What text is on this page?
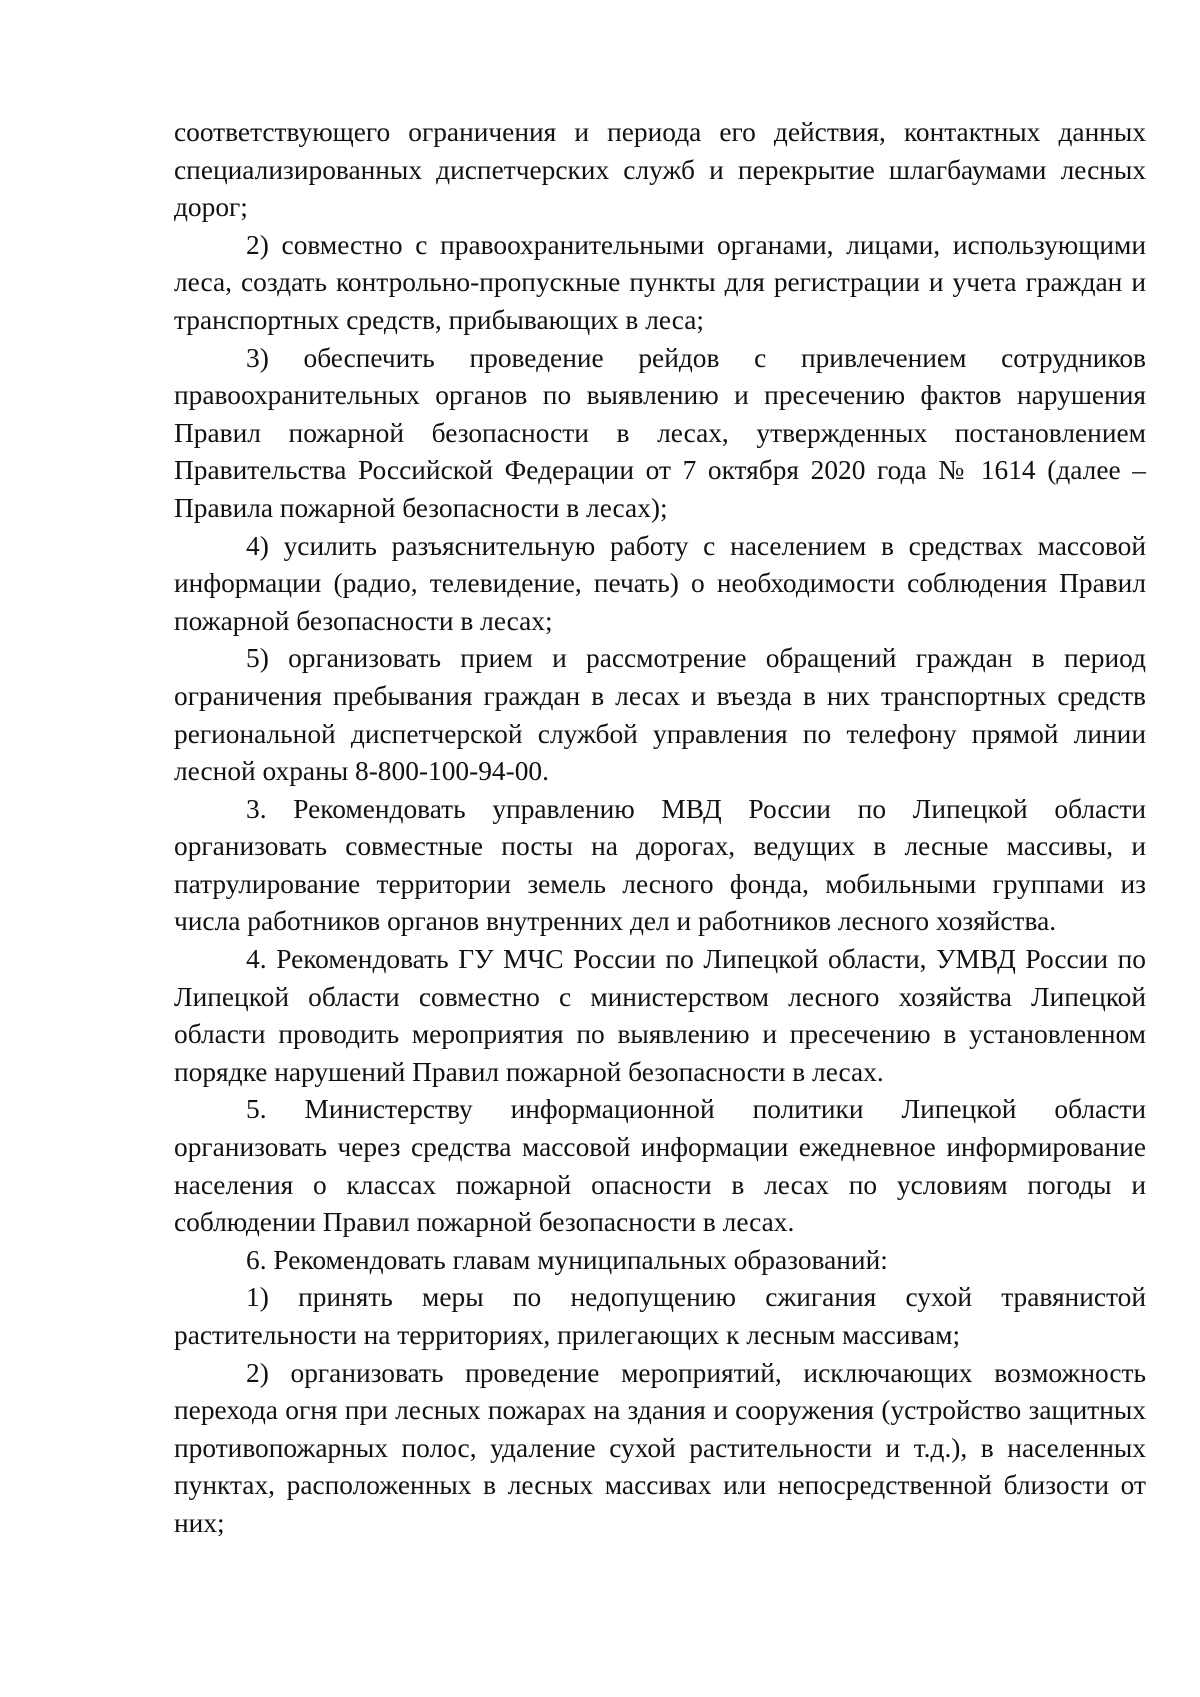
соответствующего ограничения и периода его действия, контактных данных специализированных диспетчерских служб и перекрытие шлагбаумами лесных дорог;

2) совместно с правоохранительными органами, лицами, использующими леса, создать контрольно-пропускные пункты для регистрации и учета граждан и транспортных средств, прибывающих в леса;

3) обеспечить проведение рейдов с привлечением сотрудников правоохранительных органов по выявлению и пресечению фактов нарушения Правил пожарной безопасности в лесах, утвержденных постановлением Правительства Российской Федерации от 7 октября 2020 года № 1614 (далее – Правила пожарной безопасности в лесах);

4) усилить разъяснительную работу с населением в средствах массовой информации (радио, телевидение, печать) о необходимости соблюдения Правил пожарной безопасности в лесах;

5) организовать прием и рассмотрение обращений граждан в период ограничения пребывания граждан в лесах и въезда в них транспортных средств региональной диспетчерской службой управления по телефону прямой линии лесной охраны 8-800-100-94-00.

3. Рекомендовать управлению МВД России по Липецкой области организовать совместные посты на дорогах, ведущих в лесные массивы, и патрулирование территории земель лесного фонда, мобильными группами из числа работников органов внутренних дел и работников лесного хозяйства.

4. Рекомендовать ГУ МЧС России по Липецкой области, УМВД России по Липецкой области совместно с министерством лесного хозяйства Липецкой области проводить мероприятия по выявлению и пресечению в установленном порядке нарушений Правил пожарной безопасности в лесах.

5. Министерству информационной политики Липецкой области организовать через средства массовой информации ежедневное информирование населения о классах пожарной опасности в лесах по условиям погоды и соблюдении Правил пожарной безопасности в лесах.

6. Рекомендовать главам муниципальных образований:

1) принять меры по недопущению сжигания сухой травянистой растительности на территориях, прилегающих к лесным массивам;

2) организовать проведение мероприятий, исключающих возможность перехода огня при лесных пожарах на здания и сооружения (устройство защитных противопожарных полос, удаление сухой растительности и т.д.), в населенных пунктах, расположенных в лесных массивах или непосредственной близости от них;
